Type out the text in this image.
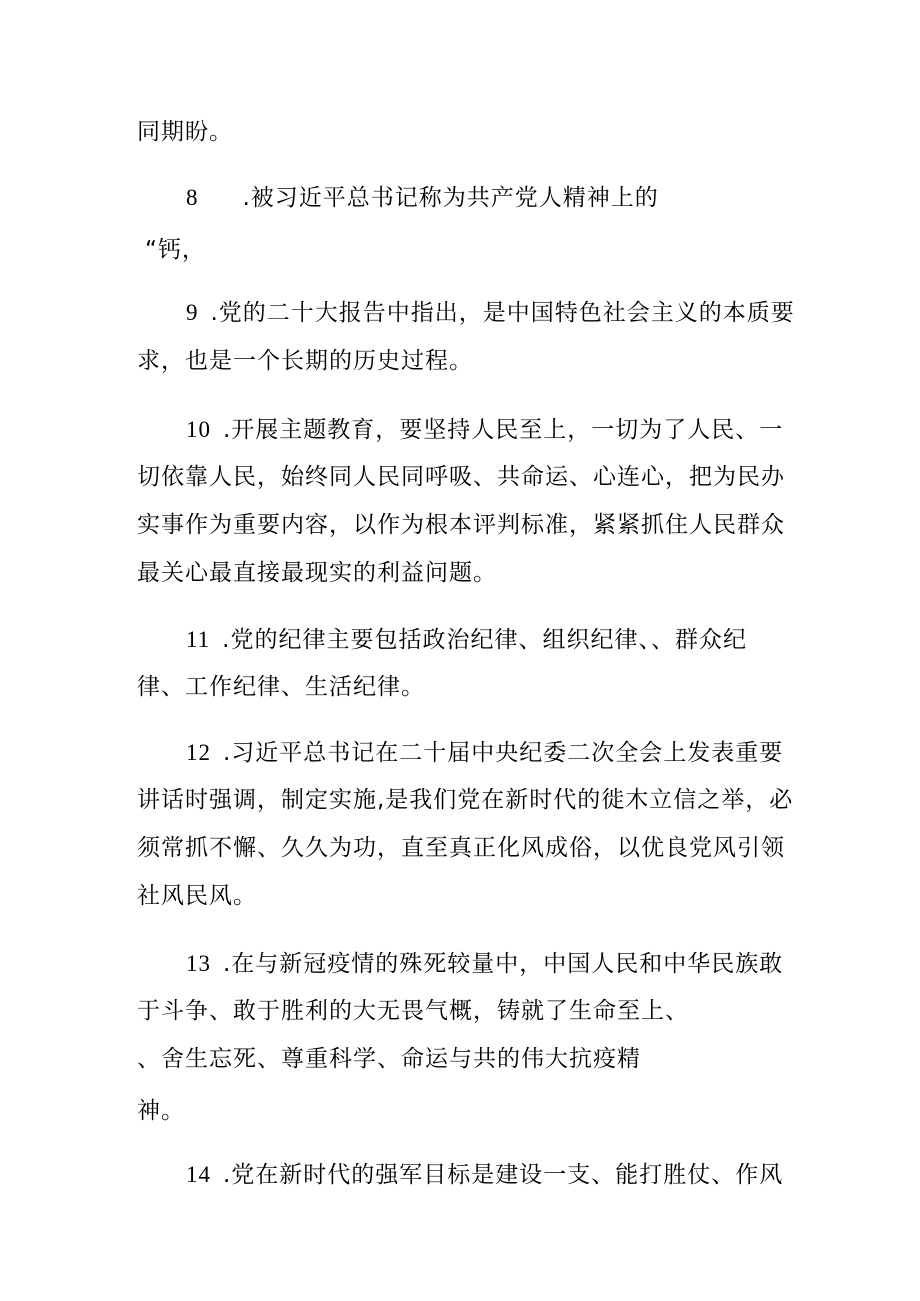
同期盼。
8 .被习近平总书记称为共产党人精神上的
“钙，
9 .党的二十大报告中指出，是中国特色社会主义的本质要
求，也是一个长期的历史过程。
10 .开展主题教育，要坚持人民至上，一切为了人民、一
切依靠人民，始终同人民同呼吸、共命运、心连心，把为民办
实事作为重要内容，以作为根本评判标准，紧紧抓住人民群众
最关心最直接最现实的利益问题。
11 .党的纪律主要包括政治纪律、组织纪律、、群众纪
律、工作纪律、生活纪律。
12 .习近平总书记在二十届中央纪委二次全会上发表重要
讲话时强调，制定实施,是我们党在新时代的徙木立信之举，必
须常抓不懈、久久为功，直至真正化风成俗，以优良党风引领
社风民风。
13 .在与新冠疫情的殊死较量中，中国人民和中华民族敢
于斗争、敢于胜利的大无畏气概，铸就了生命至上、
、舍生忘死、尊重科学、命运与共的伟大抗疫精
神。
14 .党在新时代的强军目标是建设一支、能打胜仗、作风
